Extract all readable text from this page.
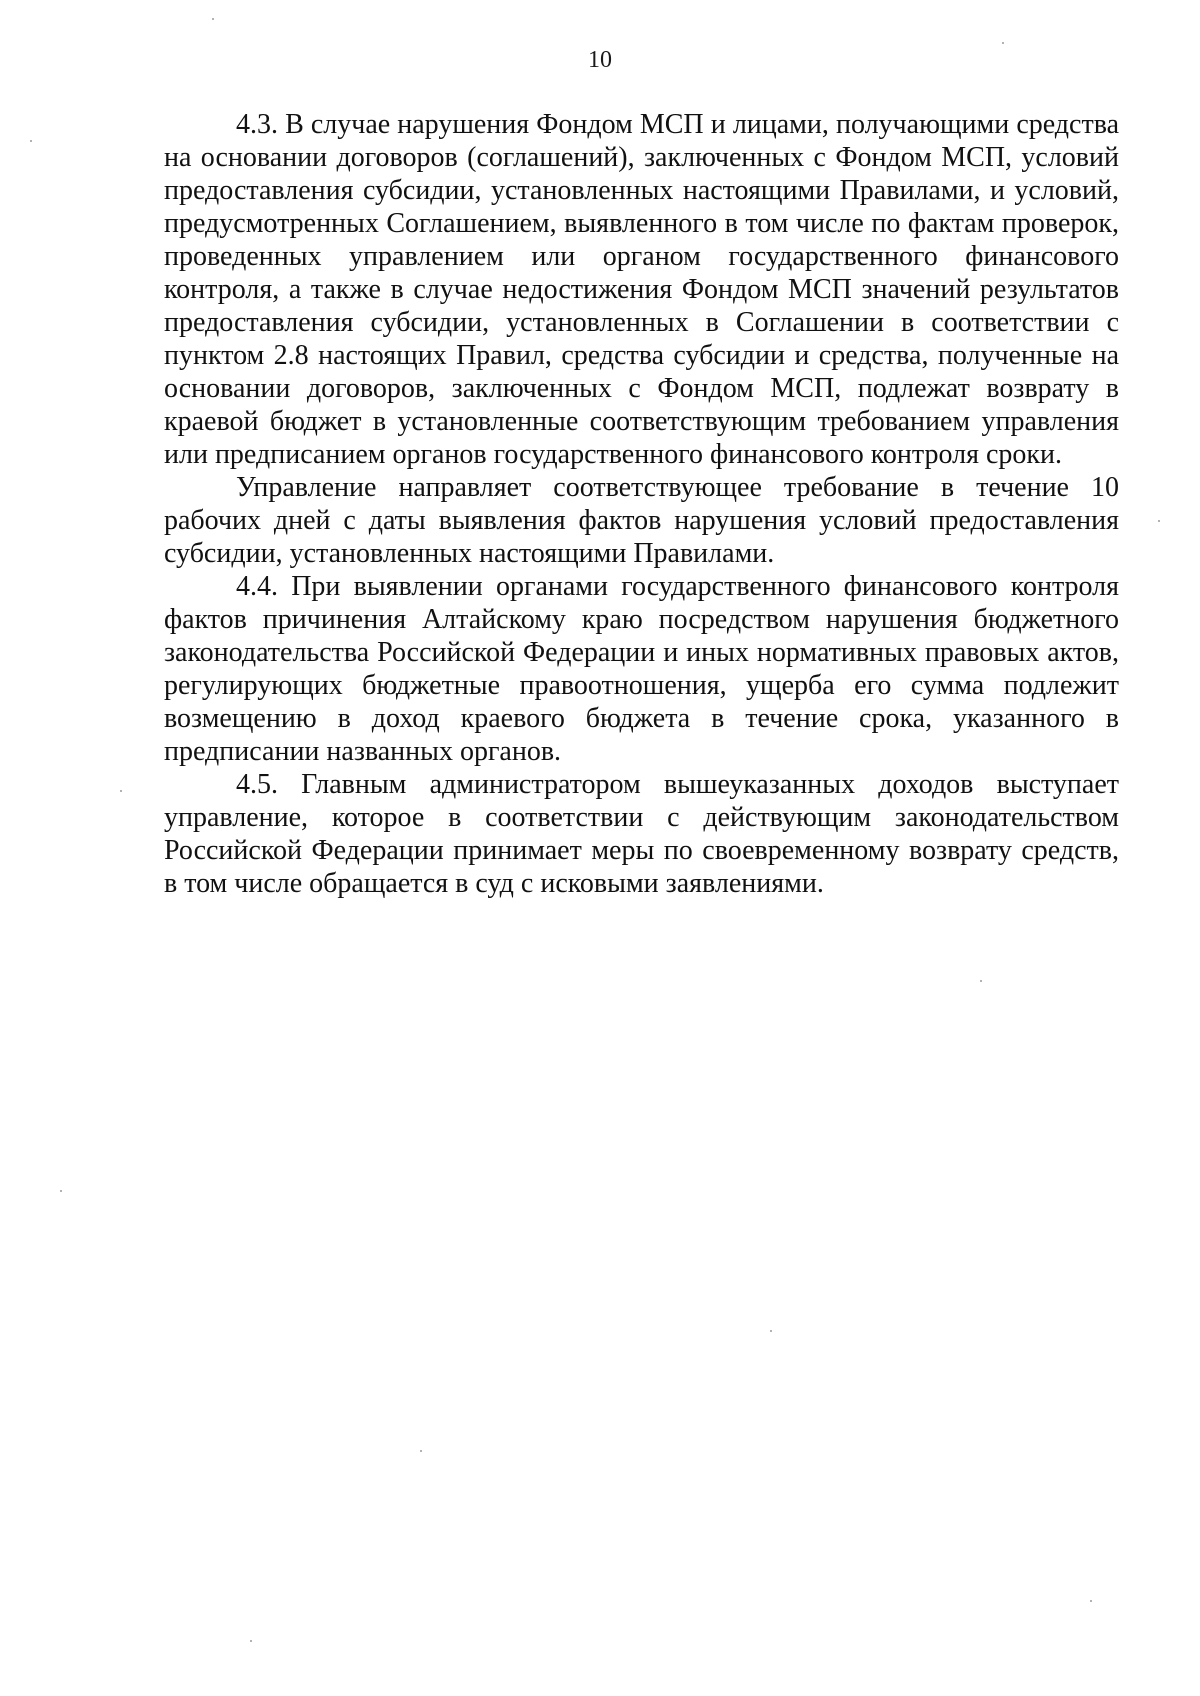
10

4.3. В случае нарушения Фондом МСП и лицами, получающими средства на основании договоров (соглашений), заключенных с Фондом МСП, условий предоставления субсидии, установленных настоящими Правилами, и условий, предусмотренных Соглашением, выявленного в том числе по фактам проверок, проведенных управлением или органом государственного финансового контроля, а также в случае недостижения Фондом МСП значений результатов предоставления субсидии, установленных в Соглашении в соответствии с пунктом 2.8 настоящих Правил, средства субсидии и средства, полученные на основании договоров, заключенных с Фондом МСП, подлежат возврату в краевой бюджет в установленные соответствующим требованием управления или предписанием органов государственного финансового контроля сроки.

Управление направляет соответствующее требование в течение 10 рабочих дней с даты выявления фактов нарушения условий предоставления субсидии, установленных настоящими Правилами.

4.4. При выявлении органами государственного финансового контроля фактов причинения Алтайскому краю посредством нарушения бюджетного законодательства Российской Федерации и иных нормативных правовых актов, регулирующих бюджетные правоотношения, ущерба его сумма подлежит возмещению в доход краевого бюджета в течение срока, указанного в предписании названных органов.

4.5. Главным администратором вышеуказанных доходов выступает управление, которое в соответствии с действующим законодательством Российской Федерации принимает меры по своевременному возврату средств, в том числе обращается в суд с исковыми заявлениями.
